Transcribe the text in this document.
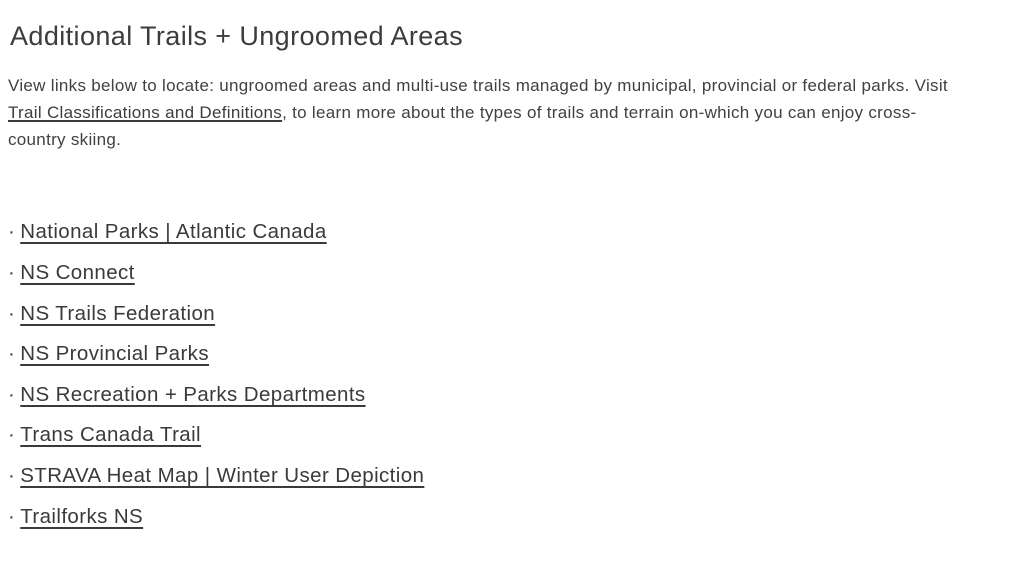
Additional Trails + Ungroomed Areas

View links below to locate: ungroomed areas and multi-use trails managed by municipal, provincial or federal parks. Visit
Trail Classifications and Definitions, to learn more about the types of trails and terrain on-which you can enjoy cross-
country skiing.

· National Parks | Atlantic Canada
· NS Connect
· NS Trails Federation
· NS Provincial Parks
· NS Recreation + Parks Departments
· Trans Canada Trail
· STRAVA Heat Map | Winter User Depiction
· Trailforks NS
